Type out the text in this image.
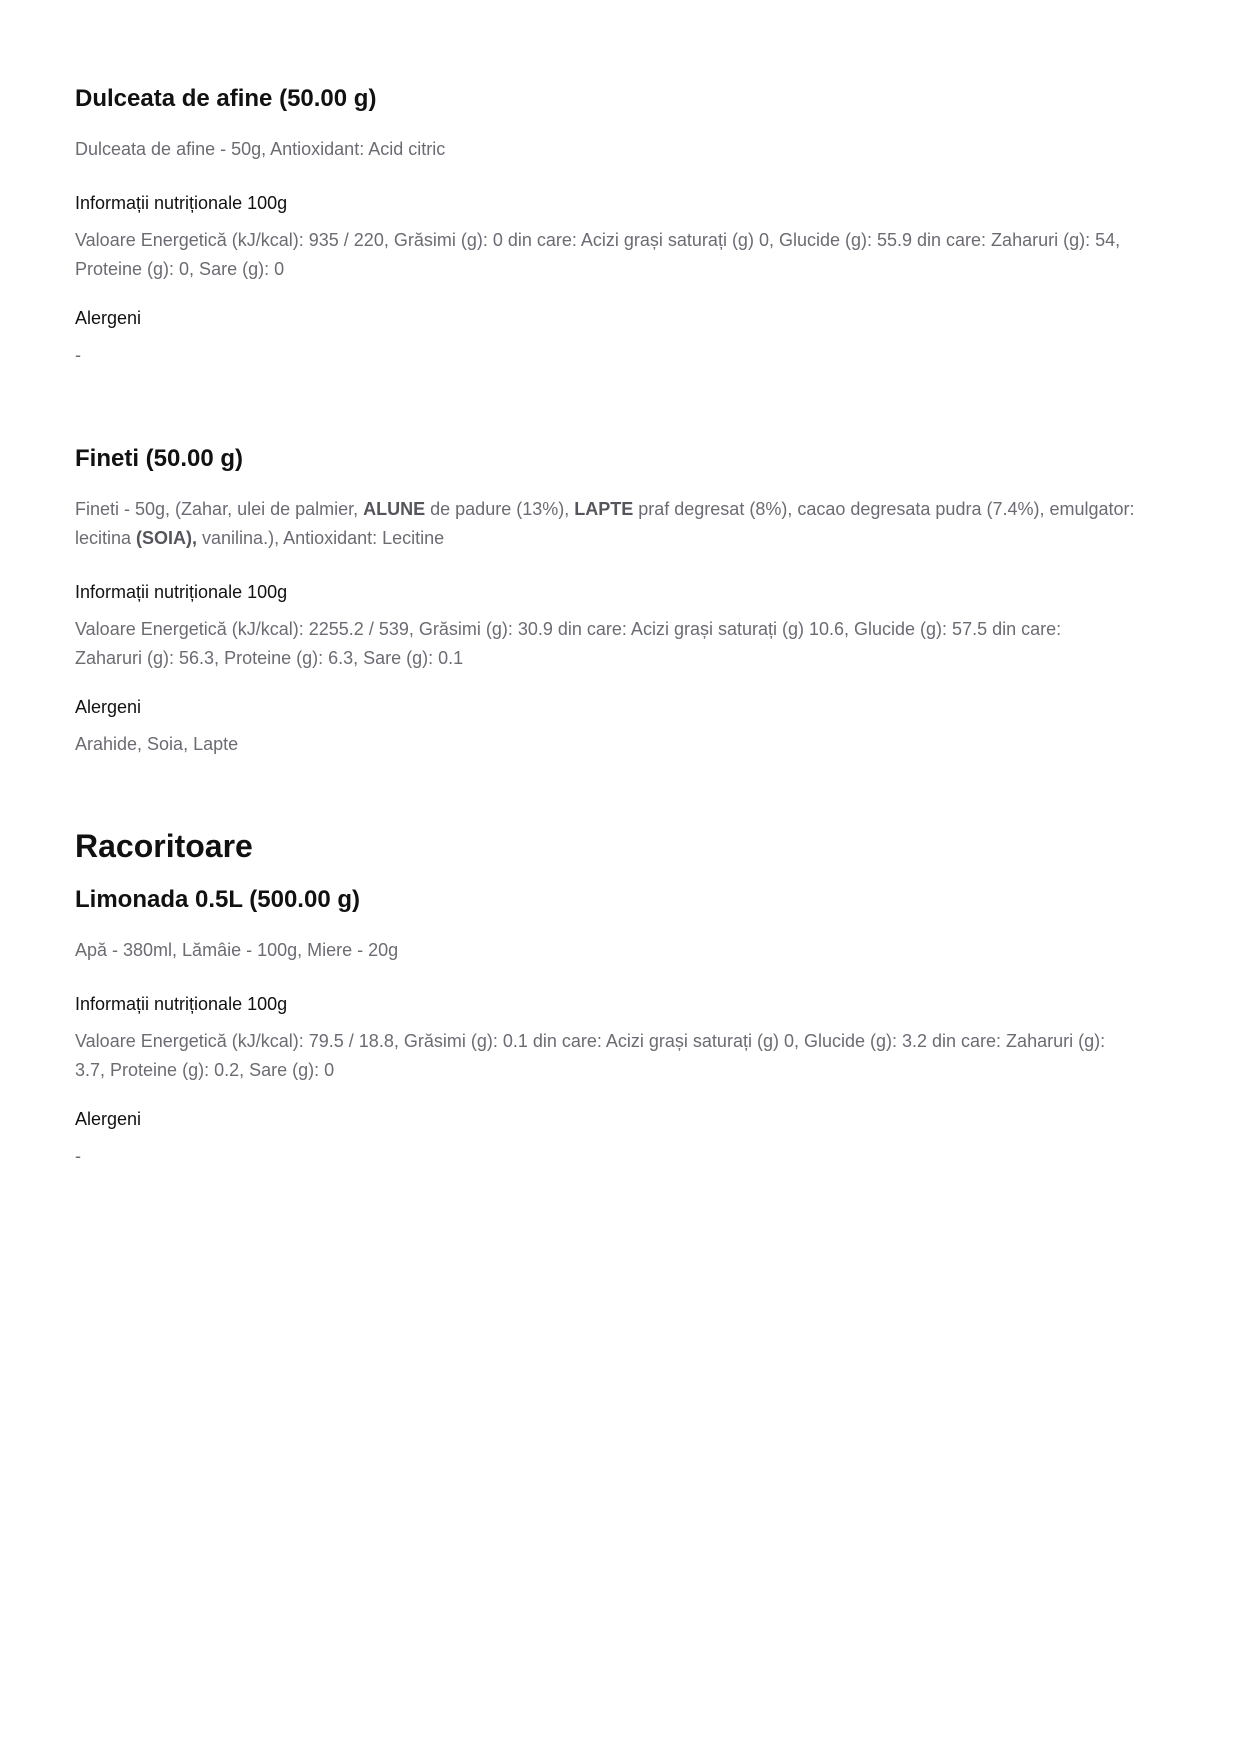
Dulceata de afine (50.00 g)

Dulceata de afine - 50g, Antioxidant: Acid citric

Informații nutriționale 100g

Valoare Energetică (kJ/kcal): 935 / 220, Grăsimi (g): 0 din care: Acizi grași saturați (g) 0, Glucide (g): 55.9 din care: Zaharuri (g): 54,
Proteine (g): 0, Sare (g): 0

Alergeni

-

Fineti (50.00 g)

Fineti - 50g, (Zahar, ulei de palmier, ALUNE de padure (13%), LAPTE praf degresat (8%), cacao degresata pudra (7.4%), emulgator:
lecitina (SOIA), vanilina.), Antioxidant: Lecitine

Informații nutriționale 100g

Valoare Energetică (kJ/kcal): 2255.2 / 539, Grăsimi (g): 30.9 din care: Acizi grași saturați (g) 10.6, Glucide (g): 57.5 din care:
Zaharuri (g): 56.3, Proteine (g): 6.3, Sare (g): 0.1

Alergeni

Arahide, Soia, Lapte

Racoritoare
Limonada 0.5L (500.00 g)

Apă - 380ml, Lămâie - 100g, Miere - 20g

Informații nutriționale 100g

Valoare Energetică (kJ/kcal): 79.5 / 18.8, Grăsimi (g): 0.1 din care: Acizi grași saturați (g) 0, Glucide (g): 3.2 din care: Zaharuri (g):
3.7, Proteine (g): 0.2, Sare (g): 0

Alergeni

-
